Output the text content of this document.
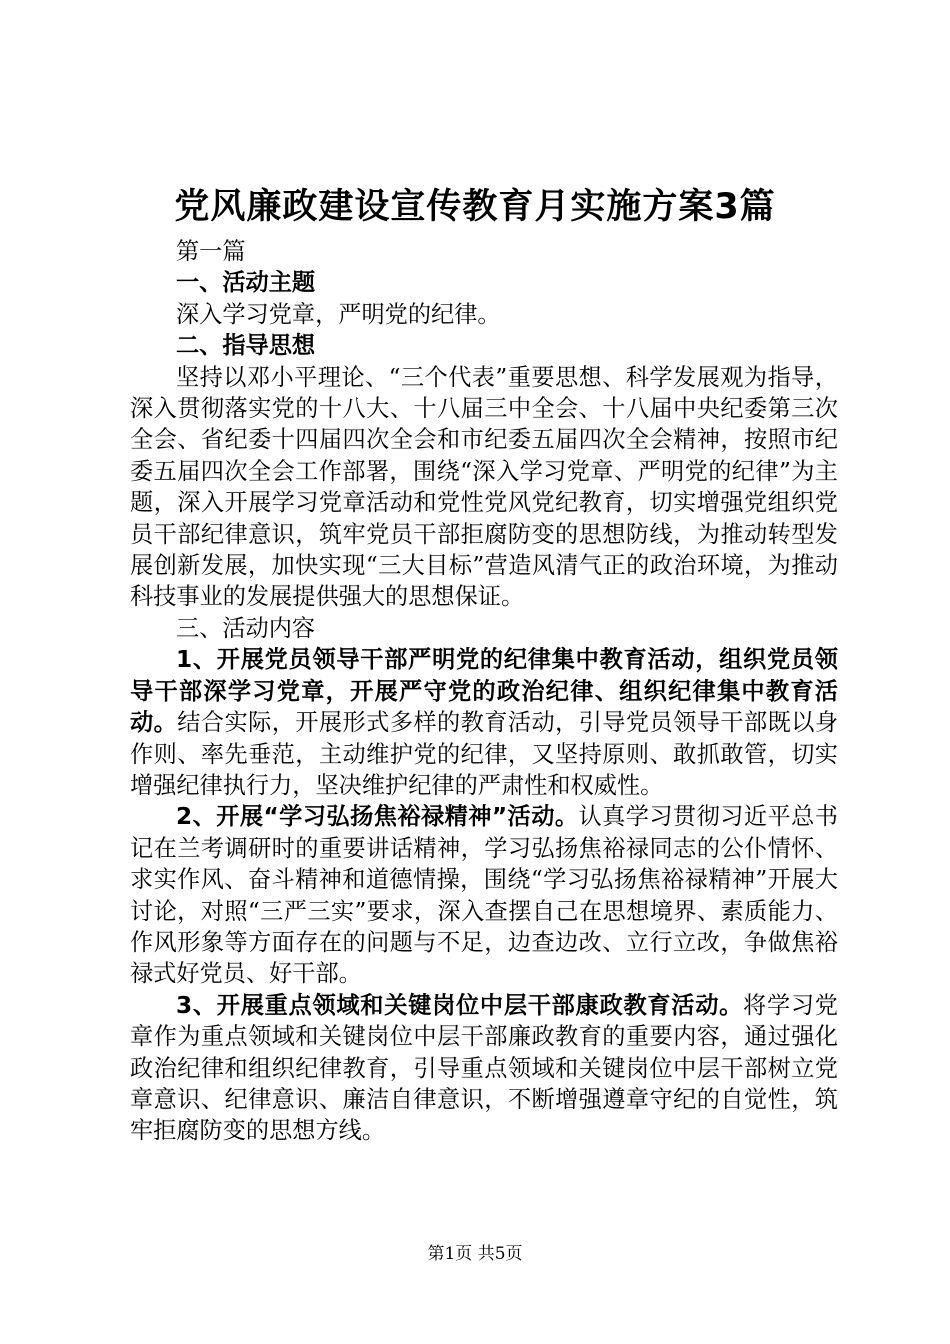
党风廉政建设宣传教育月实施方案3篇

第一篇

一、活动主题

深入学习党章，严明党的纪律。

二、指导思想

坚持以邓小平理论、“三个代表”重要思想、科学发展观为指导，深入贯彻落实党的十八大、十八届三中全会、十八届中央纪委第三次全会、省纪委十四届四次全会和市纪委五届四次全会精神，按照市纪委五届四次全会工作部署，围绕“深入学习党章、严明党的纪律”为主题，深入开展学习党章活动和党性党风党纪教育，切实增强党组织党员干部纪律意识，筑牢党员干部拒腐防变的思想防线，为推动转型发展创新发展，加快实现“三大目标”营造风清气正的政治环境，为推动科技事业的发展提供强大的思想保证。

三、活动内容

1、开展党员领导干部严明党的纪律集中教育活动，组织党员领导干部深学习党章，开展严守党的政治纪律、组织纪律集中教育活动。结合实际，开展形式多样的教育活动，引导党员领导干部既以身作则、率先垂范，主动维护党的纪律，又坚持原则、敢抓敢管，切实增强纪律执行力，坚决维护纪律的严肃性和权威性。

2、开展“学习弘扬焦裕禄精神”活动。认真学习贯彻习近平总书记在兰考调研时的重要讲话精神，学习弘扬焦裕禄同志的公仆情怀、求实作风、奋斗精神和道德情操，围绕“学习弘扬焦裕禄精神”开展大讨论，对照“三严三实”要求，深入查摆自己在思想境界、素质能力、作风形象等方面存在的问题与不足，边查边改、立行立改，争做焦裕禄式好党员、好干部。

3、开展重点领域和关键岗位中层干部康政教育活动。将学习党章作为重点领域和关键岗位中层干部廉政教育的重要内容，通过强化政治纪律和组织纪律教育，引导重点领域和关键岗位中层干部树立党章意识、纪律意识、廉洁自律意识，不断增强遵章守纪的自觉性，筑牢拒腐防变的思想方线。

第1页 共5页
